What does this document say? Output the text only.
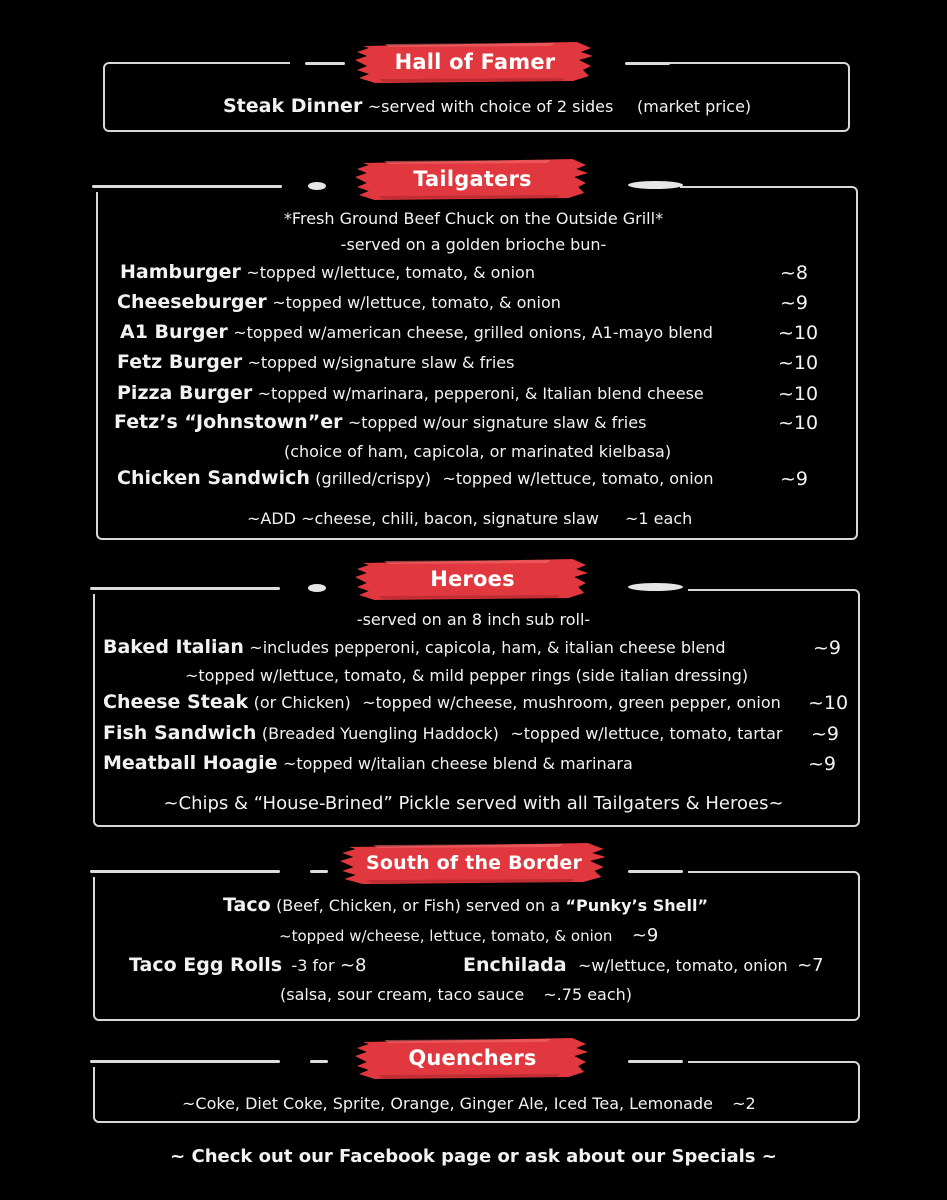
Hall of Famer
Steak Dinner ~served with choice of 2 sides (market price)
Tailgaters
*Fresh Ground Beef Chuck on the Outside Grill*
-served on a golden brioche bun-
Hamburger ~topped w/lettuce, tomato, & onion	~8
Cheeseburger ~topped w/lettuce, tomato, & onion	~9
A1 Burger ~topped w/american cheese, grilled onions, A1-mayo blend	~10
Fetz Burger ~topped w/signature slaw & fries	~10
Pizza Burger ~topped w/marinara, pepperoni, & Italian blend cheese	~10
Fetz’s “Johnstown”er ~topped w/our signature slaw & fries	~10
(choice of ham, capicola, or marinated kielbasa)
Chicken Sandwich (grilled/crispy) ~topped w/lettuce, tomato, onion	~9
~ADD ~cheese, chili, bacon, signature slaw ~1 each
Heroes
-served on an 8 inch sub roll-
Baked Italian ~includes pepperoni, capicola, ham, & italian cheese blend	~9
~topped w/lettuce, tomato, & mild pepper rings (side italian dressing)
Cheese Steak (or Chicken) ~topped w/cheese, mushroom, green pepper, onion ~10
Fish Sandwich (Breaded Yuengling Haddock) ~topped w/lettuce, tomato, tartar ~9
Meatball Hoagie ~topped w/italian cheese blend & marinara	~9
~Chips & “House-Brined” Pickle served with all Tailgaters & Heroes~
South of the Border
Taco (Beef, Chicken, or Fish) served on a “Punky’s Shell”
~topped w/cheese, lettuce, tomato, & onion ~9
Taco Egg Rolls -3 for ~8	Enchilada ~w/lettuce, tomato, onion ~7
(salsa, sour cream, taco sauce ~.75 each)
Quenchers
~Coke, Diet Coke, Sprite, Orange, Ginger Ale, Iced Tea, Lemonade ~2
~ Check out our Facebook page or ask about our Specials ~
